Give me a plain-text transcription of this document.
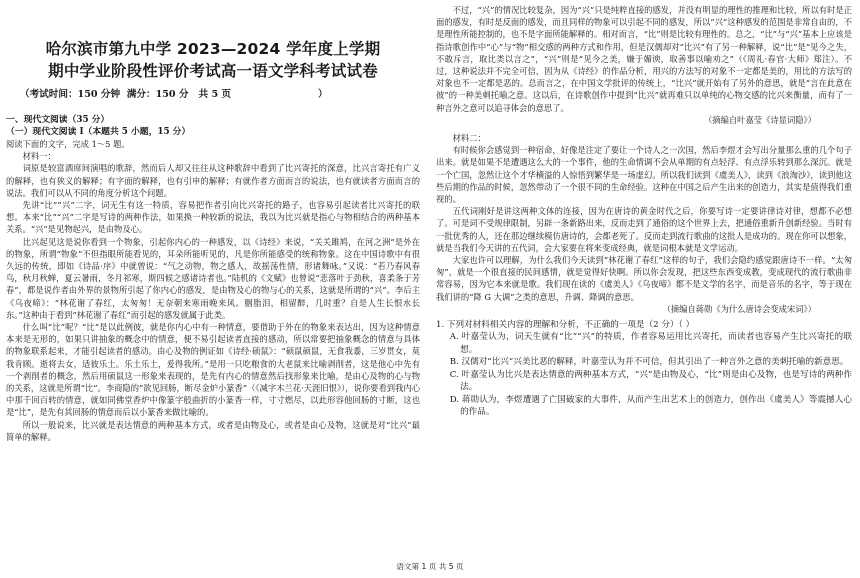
哈尔滨市第九中学 2023—2024 学年度上学期
期中学业阶段性评价考试高一语文学科考试试卷
（考试时间：150 分钟  满分：150 分   共 5 页                          ）
一、现代文阅读（35 分）
（一）现代文阅读 I（本题共 5 小题，15 分）

阅读下面的文字，完成 1～5 题。

材料一：

词原是较富酒席间演唱的歌辞，然而后人却又往往从这种歌辞中看到了比兴寄托的深意，比兴言寄托有广义的解释，也有狭义的解释；有字面的解释，也有引申的解释；有就作者方面而言的说法，也有就读者方面而言的说法。我们可以从不同的角度分析这个问题。

先讲“比”“兴”二字，词无生有这一特质，容易把作者引向比兴寄托的路子，也容易引起读者比兴寄托的联想。本来“比”“兴”二字是写诗的两种作法，如果换一种较新的说法，我以为比兴就是指心与物相结合的两种基本关系。“兴”是见物起兴，是由物及心。

比兴起见这是说你看到一个物象，引起你内心的一种感发，以《诗经》来说，“关关雎鸠，在河之洲”是外在的物象，所谓“物象”不但指眼所能看见的，耳朵所能听见的，凡是你所能感受的统称物象。这在中国诗歌中有很久远的传统，即如《诗品·序》中就曾说：“气之动物，物之感人，故摇荡性情，形诸舞咏。”又说：“若乃春风春鸟，秋月秋蝉，夏云暑雨，冬月祁寒，斯四候之感诸诗者也。”陆机的《文赋》也曾说“悲落叶于劲秋，喜柔条于芳春”，都是说作者由外界的景物所引起了你内心的感发，是由物及心的物与心的关系，这就是所谓的“兴”。李后主《乌夜啼》：“林花谢了春红，太匆匆！无奈朝来寒雨晚来风。胭脂泪，相留醉，几时重？自是人生长恨水长东。”这种由于看到“林花谢了春红”而引起的感发就属于此类。

什么叫“比”呢？“比”是以此例彼，就是你内心中有一种情意，要借助于外在的物象来表达出，因为这种情意本来是无形的，如果只讲抽象的概念中的情意，便不易引起读者直接的感动，所以常要把抽象概念的情意与具体的物象联系起来，才能引起读者的感动。由心及物的例证如《诗经·硕鼠》：“硕鼠硕鼠，无食我黍，三岁贯女，莫我肯顾。逝将去女，适彼乐土。乐土乐土，爰得我所。”是用一只吃粮食的大老鼠来比喻剥削者，这是他心中先有一个剥削者的概念，然后用硕鼠这一形象来表现的，是先有内心的情意然后找形象来比喻，是由心及物的心与物的关系，这就是所谓“比”。李商隐的“欲见回肠，断尽金炉小篆香”（《减字木兰花·天涯旧恨》），说你要看到我内心中那千回百转的情意，就如同佛堂香炉中像篆字般曲折的小篆香一样，寸寸燃尽，以此形容他回肠的寸断，这也是“比”，是先有其回肠的情意而后以小篆香来做比喻的。

所以一般说来，比兴就是表达情意的两种基本方式，或者是由物及心，或者是由心及物，这就是对“比兴”最简单的解释。

不过，“兴”的情况比较复杂，因为“兴”只是纯粹直接的感发，并没有明显的理性的推理和比较，所以有时是正面的感发，有时是反面的感发，而且同样的物象可以引起不同的感发，所以“兴”这种感发的范围是非常自由的，不是理性所能控制的，也不是字面所能解释的。相对而言，“比”则是比较有理性的。总之，“比”与“兴”基本上应该是指诗歌创作中“心”与“物”相交感的两种方式和作用，但是汉儒却对“比兴”有了另一种解释，说“比”是“见今之失，不敢斥言，取比类以言之”，“兴”则是“见今之美，嫌于媚谀，取善事以喻劝之”（《周礼·春官·大师》郑注）。不过，这种说法并不完全可信，因为从《诗经》的作品分析，用兴的方法写的对象不一定都是美的，用比的方法写的对象也不一定都是恶的。总而言之，在中国文学批评的传统上，“比兴”就开始有了另外的意思，就是“言在此意在彼”的一种美刺托喻之意。这以后，在诗歌创作中提到“比兴”就再难只以单纯的心物交感的比兴来衡量，而有了一种言外之意可以追寻体会的意思了。

（摘编自叶嘉莹《诗显词隐》）
材料二：

有时候你会感觉到一种宿命，好像是注定了要让一个诗人之一次国，然后李煜才会写出分量那么重的几个句子出来。就是如果不是遭遇这么大的一个事件，他的生命情调不会从单期的有点轻浮、有点浮乐转到那么深沉。就是一个亡国，忽然让这个才华横溢的人惊悟到繁华是一场虚幻。所以我们读到《虞美人》，读到《浪淘沙》，读到他这些后期的作品的时候，忽然带动了一个很不同的生命经验。这种在中国之后产生出来的创造力，其实是值得我们重视的。

五代词刚好是讲这两种文体的连接，因为在唐诗的黄金时代之后，你要写诗一定要讲律诗对律，想都不必想了。可是词不受规律限制，另辟一条新路出来，反而走到了通俗的这个世界上去，把通俗重新升创新经验。当时有一批优秀的人，还在那边继续模仿唐诗的，会都老死了。反而走到流行歌曲的这批人是成功的。现在你可以想象，就是当我们今天讲的五代词，会大家要在将来变成经典，就是词根本就是文学运动。

大家也许可以理解，为什么我们今天读到“林花谢了春红”这样的句子，我们会隐约感觉跟唐诗不一样。“太匆匆”，就是一个很直接的民间感情，就是觉得好快啊。所以你会发现，把这些东西变成教，变成现代的流行歌曲非常容易，因为它本来就是歌。我们现在读的《虞美人》《乌夜啼》都不是文学的名字，而是音乐的名字，等于现在我们讲的“降 G 大调”之类的意思，升调、降调的意思。

（摘编自蒋勋《为什么唐诗会变成宋词》）
1. 下列对材料相关内容的理解和分析，不正确的一项是（2 分）（ ）
A. 叶嘉莹认为，词天生就有“比”“兴”的特质，作者容易运用比兴寄托，而读者也容易产生比兴寄托的联想。
B. 汉儒对“比兴”兴美比恶的解释，叶嘉莹认为并不可信，但其引出了一种言外之意的美刺托喻的新意思。
C. 叶嘉莹认为比兴是表达情意的两种基本方式，“兴”是由物及心，“比”则是由心及物，也是写诗的两种作法。
D. 蒋勋认为，李煜遭遇了亡国破家的大事件，从而产生出艺术上的创造力，创作出《虞美人》等震撼人心的作品。
语文第 1 页 共 5 页
